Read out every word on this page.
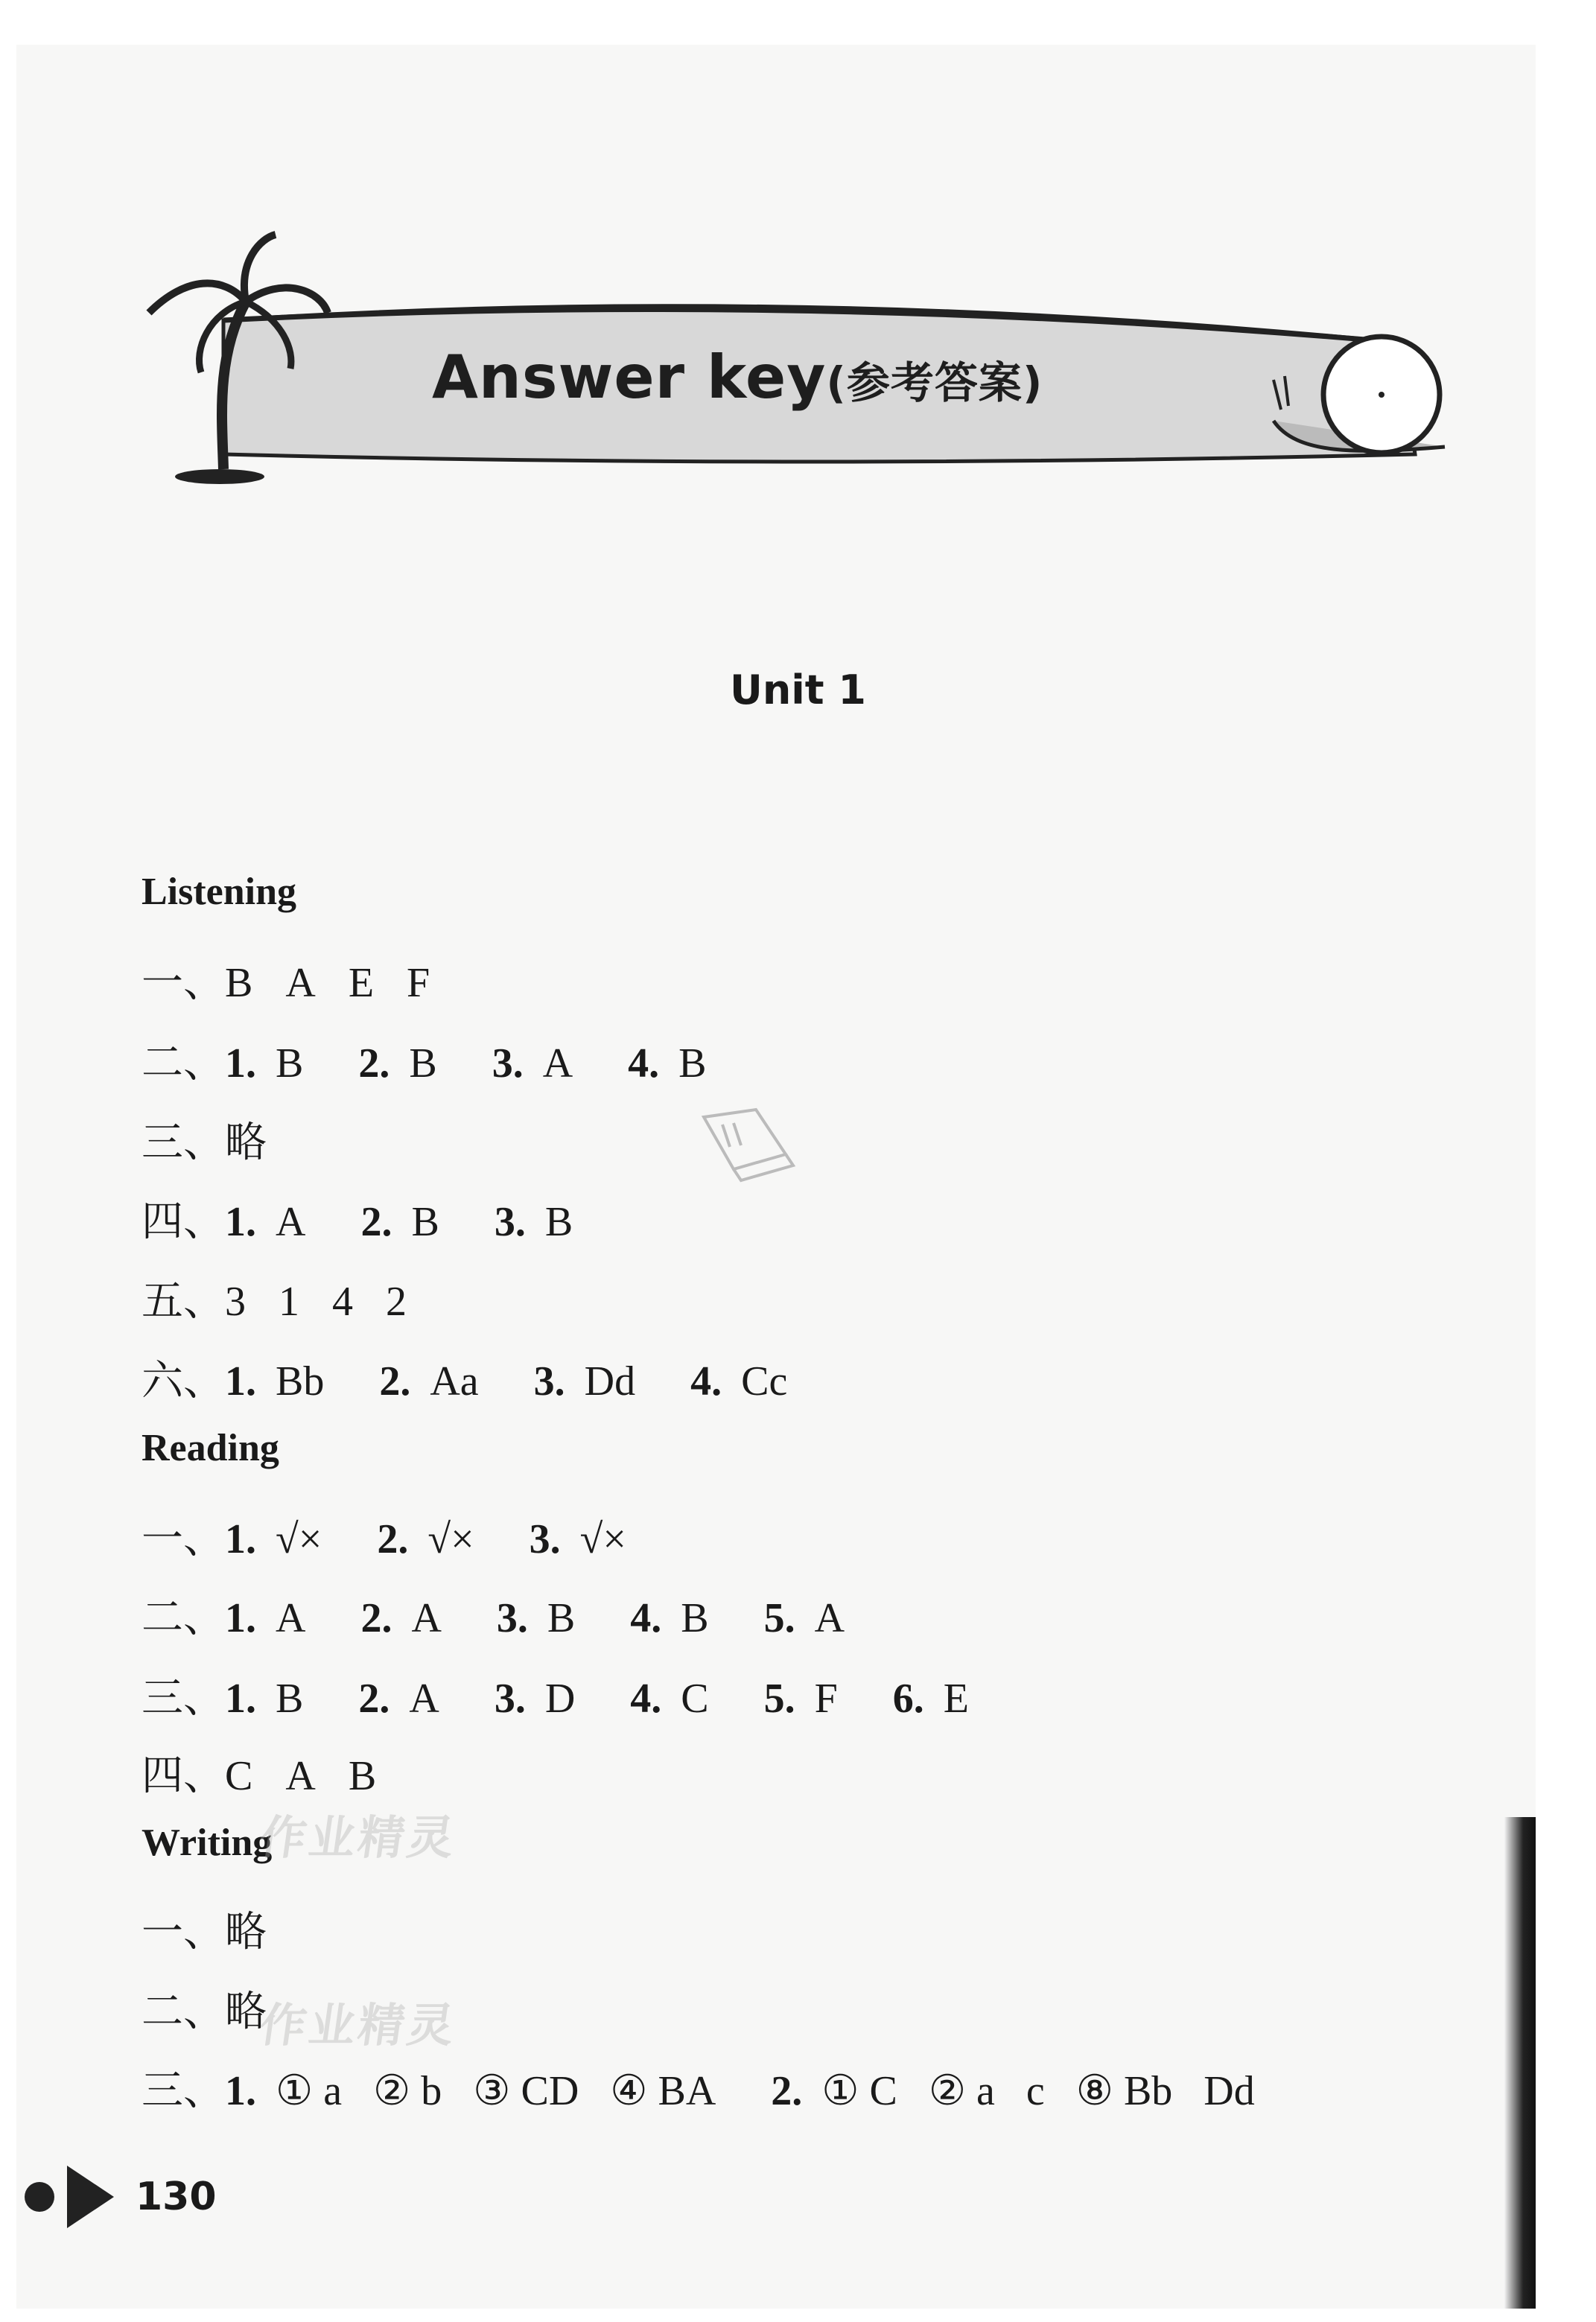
Answer key(参考答案)
Unit 1
Listening
一、B A E F
二、1. B 2. B 3. A 4. B
三、略
四、1. A 2. B 3. B
五、3 1 4 2
六、1. Bb 2. Aa 3. Dd 4. Cc
Reading
一、1. √× 2. √× 3. √×
二、1. A 2. A 3. B 4. B 5. A
三、1. B 2. A 3. D 4. C 5. F 6. E
四、C A B
Writing
一、略
二、略
三、1. ① a   ② b   ③ CD   ④ BA 2. ① C   ② a   c   ⑧ Bb   Dd
作业精灵
作业精灵
130
